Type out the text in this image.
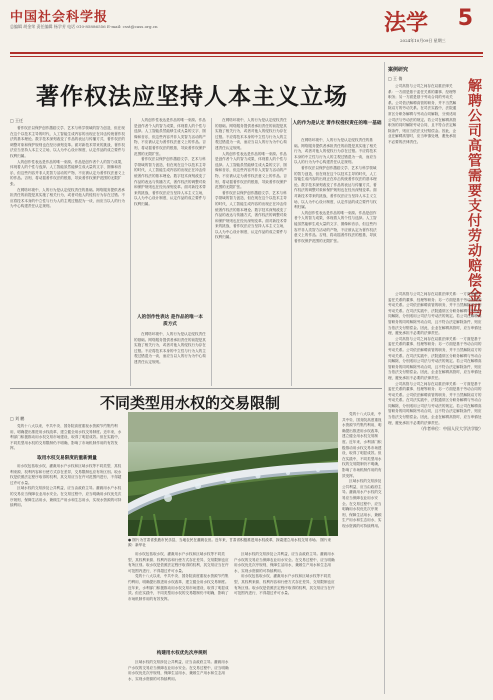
中国社会科学报
总编辑 胡金荣 责任编辑 杨学芳 电话 010-85886556 E-mail: csst@cass.org.cn	法学 5
2024年10月09日 星期三
著作权法应坚持人本主义立场
□ 王迁

著作权法以保护创作激励文学、艺术与科学领域的智力创造，但在现在这个以技术主导的时代，人工智能生成内容的出现正在冲击传统著作权法的基本理论。数字技术深刻改变了作品的表达与传播方式，著作权法的调整对象和保护规则也在经历深刻变革。面对新技术带来的挑战，著作权法应当坚持人本主义立场，以人为中心设计制度，认定作品的成立要件与权利归属。

人的创作性表达是作品的唯一来源。作品是创作者个人的智力成果，体现着人的个性与选择。人工智能虽然能够生成大量的文字、图像和音乐，但这些内容并非人类智力活动的产物，不应被认定为著作权法意义上的作品。否则，将动摇著作权法的根基，导致著作权保护范围的无限扩张。

在网络环境中，人的行为是认定侵权责任的基础。网络服务提供者承担责任的前提是其实施了相关行为，或者对他人的侵权行为存在过错。不应将技术本身的中立性与行为人的主观过错混为一谈，而应当以人的行为为中心构建责任认定规则。

人的创作性表达是作品的唯一来源。作品是创作者个人的智力成果，体现着人的个性与选择。人工智能虽然能够生成大量的文字、图像和音乐，但这些内容并非人类智力活动的产物，不应被认定为著作权法意义上的作品。否则，将动摇著作权法的根基，导致著作权保护范围的无限扩张。

著作权法以保护创作激励文学、艺术与科学领域的智力创造，但在现在这个以技术主导的时代，人工智能生成内容的出现正在冲击传统著作权法的基本理论。数字技术深刻改变了作品的表达与传播方式，著作权法的调整对象和保护规则也在经历深刻变革。面对新技术带来的挑战，著作权法应当坚持人本主义立场，以人为中心设计制度，认定作品的成立要件与权利归属。

人的创作性表达 是作品的唯一本质方式

在网络环境中，人的行为是认定侵权责任的基础。网络服务提供者承担责任的前提是其实施了相关行为，或者对他人的侵权行为存在过错。不应将技术本身的中立性与行为人的主观过错混为一谈，而应当以人的行为为中心构建责任认定规则。

在网络环境中，人的行为是认定侵权责任的基础。网络服务提供者承担责任的前提是其实施了相关行为，或者对他人的侵权行为存在过错。不应将技术本身的中立性与行为人的主观过错混为一谈，而应当以人的行为为中心构建责任认定规则。

人的创作性表达是作品的唯一来源。作品是创作者个人的智力成果，体现着人的个性与选择。人工智能虽然能够生成大量的文字、图像和音乐，但这些内容并非人类智力活动的产物，不应被认定为著作权法意义上的作品。否则，将动摇著作权法的根基，导致著作权保护范围的无限扩张。

著作权法以保护创作激励文学、艺术与科学领域的智力创造，但在现在这个以技术主导的时代，人工智能生成内容的出现正在冲击传统著作权法的基本理论。数字技术深刻改变了作品的表达与传播方式，著作权法的调整对象和保护规则也在经历深刻变革。面对新技术带来的挑战，著作权法应当坚持人本主义立场，以人为中心设计制度，认定作品的成立要件与权利归属。

人的作为是认定 著作权侵权责任的唯一基础

在网络环境中，人的行为是认定侵权责任的基础。网络服务提供者承担责任的前提是其实施了相关行为，或者对他人的侵权行为存在过错。不应将技术本身的中立性与行为人的主观过错混为一谈，而应当以人的行为为中心构建责任认定规则。

著作权法以保护创作激励文学、艺术与科学领域的智力创造，但在现在这个以技术主导的时代，人工智能生成内容的出现正在冲击传统著作权法的基本理论。数字技术深刻改变了作品的表达与传播方式，著作权法的调整对象和保护规则也在经历深刻变革。面对新技术带来的挑战，著作权法应当坚持人本主义立场，以人为中心设计制度，认定作品的成立要件与权利归属。

人的创作性表达是作品的唯一来源。作品是创作者个人的智力成果，体现着人的个性与选择。人工智能虽然能够生成大量的文字、图像和音乐，但这些内容并非人类智力活动的产物，不应被认定为著作权法意义上的作品。否则，将动摇著作权法的根基，导致著作权保护范围的无限扩张。

不同类型用水权的交易限制
□ 刘 鹏

党的十八大以来，中共中央、国务院高度重视水资源节约集约利用，明确提出推进用水权改革，建立健全用水权交易制度。近年来，水利部门积极推动用水权交易市场建设，取得了明显成效。但在实践中，不同类型用水权的交易限制仍不明确，影响了市场机制作用的有效发挥。

取用水权交易限度的重新测量

用水权包括取水权、灌溉用水户水权和区域水权等不同类型，其权利来源、权利内容和行使方式存在差异，交易限制也应有所区别。取水权是依照法定程序取得的权利，其交易应当在许可范围内进行，不得超过许可水量。

区域水权的交易涉及公共利益，应当由政府主导。灌溉用水户水权的交易应当保障农业用水安全。在交易过程中，应当明确用水权优先次序规则，保障生活用水，兼顾生产用水和生态用水，实现水资源的可持续利用。

● 图片为甘肃省张掖市民乐县，当地农民在灌溉农田。近年来，甘肃省积极推进用水权改革，探索建立用水权交易市场。 图片来源：新华社

用水权包括取水权、灌溉用水户水权和区域水权等不同类型，其权利来源、权利内容和行使方式存在差异，交易限制也应有所区别。取水权是依照法定程序取得的权利，其交易应当在许可范围内进行，不得超过许可水量。

党的十八大以来，中共中央、国务院高度重视水资源节约集约利用，明确提出推进用水权改革，建立健全用水权交易制度。近年来，水利部门积极推动用水权交易市场建设，取得了明显成效。但在实践中，不同类型用水权的交易限制仍不明确，影响了市场机制作用的有效发挥。

构建用水权优先次序规则

区域水权的交易涉及公共利益，应当由政府主导。灌溉用水户水权的交易应当保障农业用水安全。在交易过程中，应当明确用水权优先次序规则，保障生活用水，兼顾生产用水和生态用水，实现水资源的可持续利用。

区域水权的交易涉及公共利益，应当由政府主导。灌溉用水户水权的交易应当保障农业用水安全。在交易过程中，应当明确用水权优先次序规则，保障生活用水，兼顾生产用水和生态用水，实现水资源的可持续利用。

用水权包括取水权、灌溉用水户水权和区域水权等不同类型，其权利来源、权利内容和行使方式存在差异，交易限制也应有所区别。取水权是依照法定程序取得的权利，其交易应当在许可范围内进行，不得超过许可水量。

党的十八大以来，中共中央、国务院高度重视水资源节约集约利用，明确提出推进用水权改革，建立健全用水权交易制度。近年来，水利部门积极推动用水权交易市场建设，取得了明显成效。但在实践中，不同类型用水权的交易限制仍不明确，影响了市场机制作用的有效发挥。

区域水权的交易涉及公共利益，应当由政府主导。灌溉用水户水权的交易应当保障农业用水安全。在交易过程中，应当明确用水权优先次序规则，保障生活用水，兼顾生产用水和生态用水，实现水资源的可持续利用。

案例研究
解聘公司高管需要支付劳动赔偿金吗
□ 王 倩

公司高管与公司之间存在双重法律关系：一方面是基于委任关系的董事、经理等职务；另一方面是基于劳动合同的劳动关系。公司依法解聘高管的职务，并不当然解除双方的劳动关系。在司法实践中，法院通常区分职务解聘与劳动合同解除，分别适用公司法与劳动法的规定。若公司在解聘高管职务的同时解除劳动合同，且不符合法定解除条件，则应当依法支付赔偿金。因此，企业在解聘高管时，应当审慎处理，避免承担不必要的法律责任。

公司高管与公司之间存在双重法律关系：一方面是基于委任关系的董事、经理等职务；另一方面是基于劳动合同的劳动关系。公司依法解聘高管的职务，并不当然解除双方的劳动关系。在司法实践中，法院通常区分职务解聘与劳动合同解除，分别适用公司法与劳动法的规定。若公司在解聘高管职务的同时解除劳动合同，且不符合法定解除条件，则应当依法支付赔偿金。因此，企业在解聘高管时，应当审慎处理，避免承担不必要的法律责任。

公司高管与公司之间存在双重法律关系：一方面是基于委任关系的董事、经理等职务；另一方面是基于劳动合同的劳动关系。公司依法解聘高管的职务，并不当然解除双方的劳动关系。在司法实践中，法院通常区分职务解聘与劳动合同解除，分别适用公司法与劳动法的规定。若公司在解聘高管职务的同时解除劳动合同，且不符合法定解除条件，则应当依法支付赔偿金。因此，企业在解聘高管时，应当审慎处理，避免承担不必要的法律责任。

公司高管与公司之间存在双重法律关系：一方面是基于委任关系的董事、经理等职务；另一方面是基于劳动合同的劳动关系。公司依法解聘高管的职务，并不当然解除双方的劳动关系。在司法实践中，法院通常区分职务解聘与劳动合同解除，分别适用公司法与劳动法的规定。若公司在解聘高管职务的同时解除劳动合同，且不符合法定解除条件，则应当依法支付赔偿金。因此，企业在解聘高管时，应当审慎处理，避免承担不必要的法律责任。

（作者单位：中国人民大学法学院）
